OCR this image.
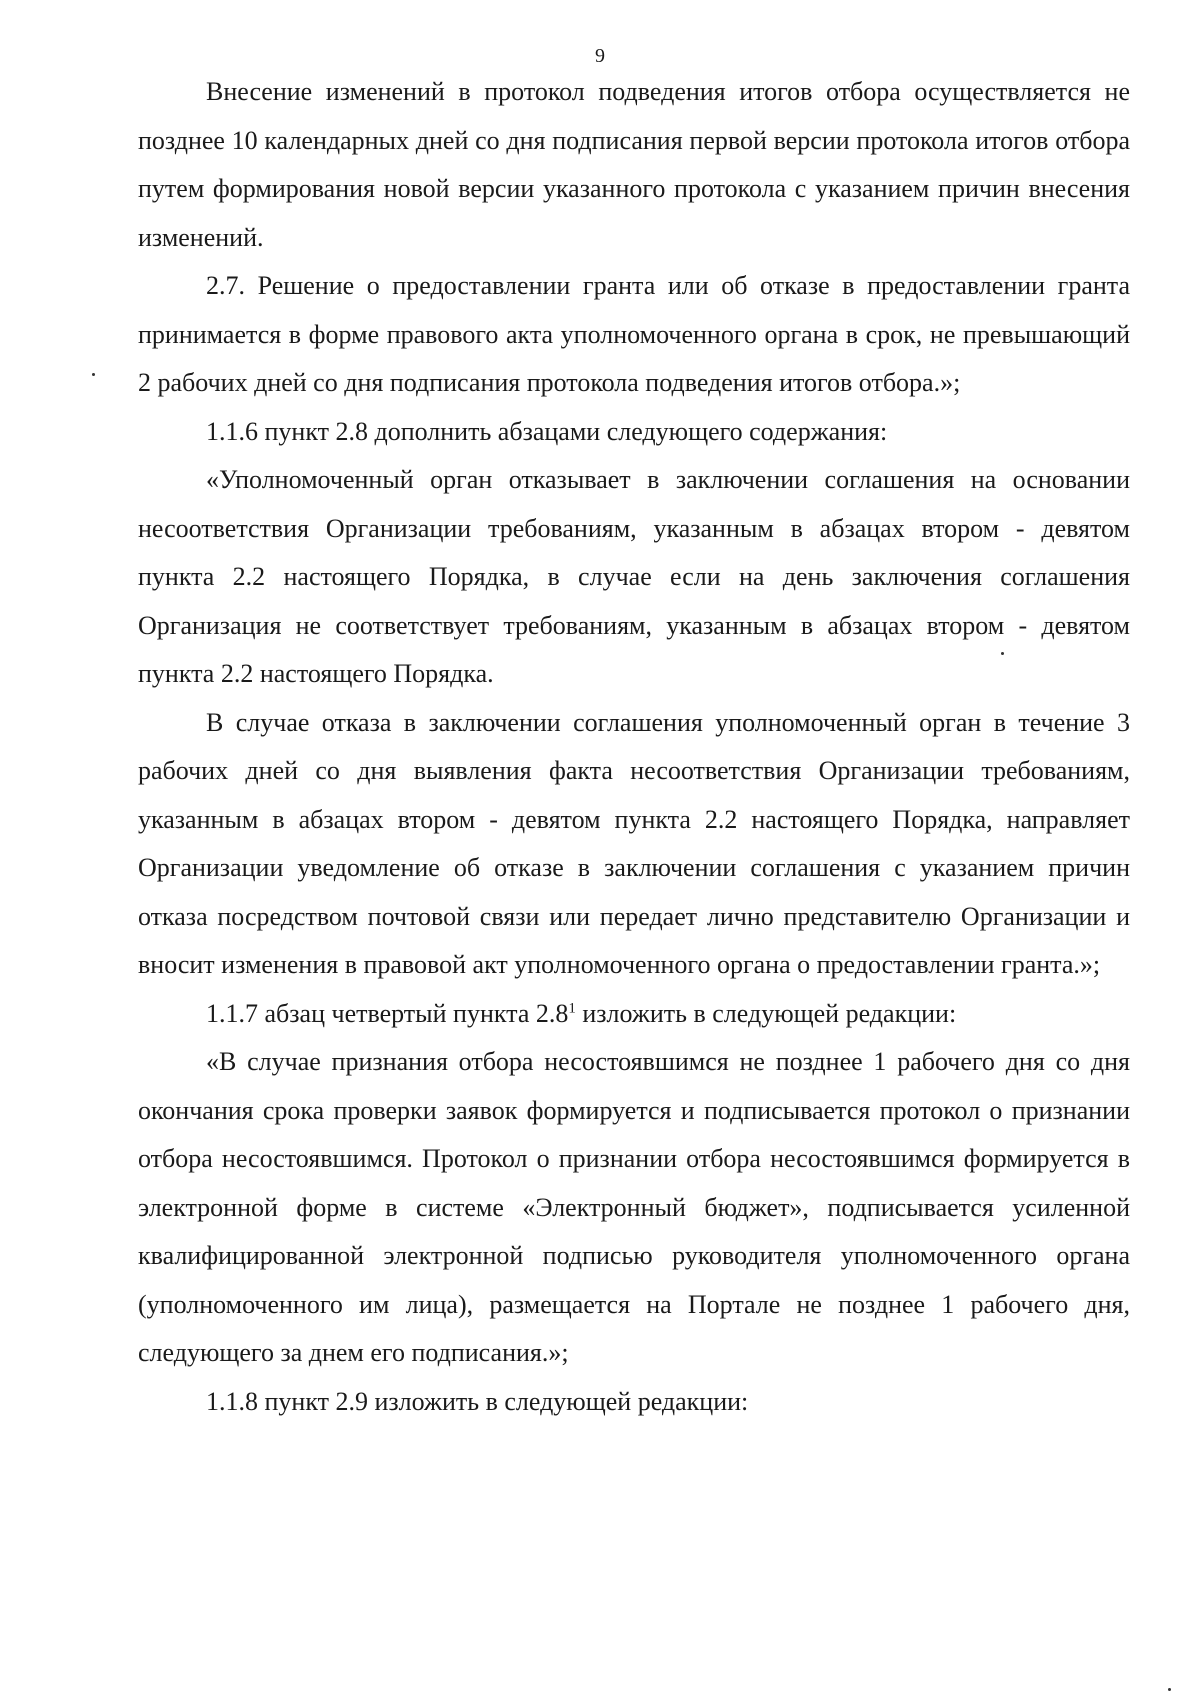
9

Внесение изменений в протокол подведения итогов отбора осуществляется не позднее 10 календарных дней со дня подписания первой версии протокола итогов отбора путем формирования новой версии указанного протокола с указанием причин внесения изменений.

2.7. Решение о предоставлении гранта или об отказе в предоставлении гранта принимается в форме правового акта уполномоченного органа в срок, не превышающий 2 рабочих дней со дня подписания протокола подведения итогов отбора.»;

1.1.6 пункт 2.8 дополнить абзацами следующего содержания:

«Уполномоченный орган отказывает в заключении соглашения на основании несоответствия Организации требованиям, указанным в абзацах втором - девятом пункта 2.2 настоящего Порядка, в случае если на день заключения соглашения Организация не соответствует требованиям, указанным в абзацах втором - девятом пункта 2.2 настоящего Порядка.

В случае отказа в заключении соглашения уполномоченный орган в течение 3 рабочих дней со дня выявления факта несоответствия Организации требованиям, указанным в абзацах втором - девятом пункта 2.2 настоящего Порядка, направляет Организации уведомление об отказе в заключении соглашения с указанием причин отказа посредством почтовой связи или передает лично представителю Организации и вносит изменения в правовой акт уполномоченного органа о предоставлении гранта.»;

1.1.7 абзац четвертый пункта $2.8^1$ изложить в следующей редакции:

«В случае признания отбора несостоявшимся не позднее 1 рабочего дня со дня окончания срока проверки заявок формируется и подписывается протокол о признании отбора несостоявшимся. Протокол о признании отбора несостоявшимся формируется в электронной форме в системе «Электронный бюджет», подписывается усиленной квалифицированной электронной подписью руководителя уполномоченного органа (уполномоченного им лица), размещается на Портале не позднее 1 рабочего дня, следующего за днем его подписания.»;

1.1.8 пункт 2.9 изложить в следующей редакции:
